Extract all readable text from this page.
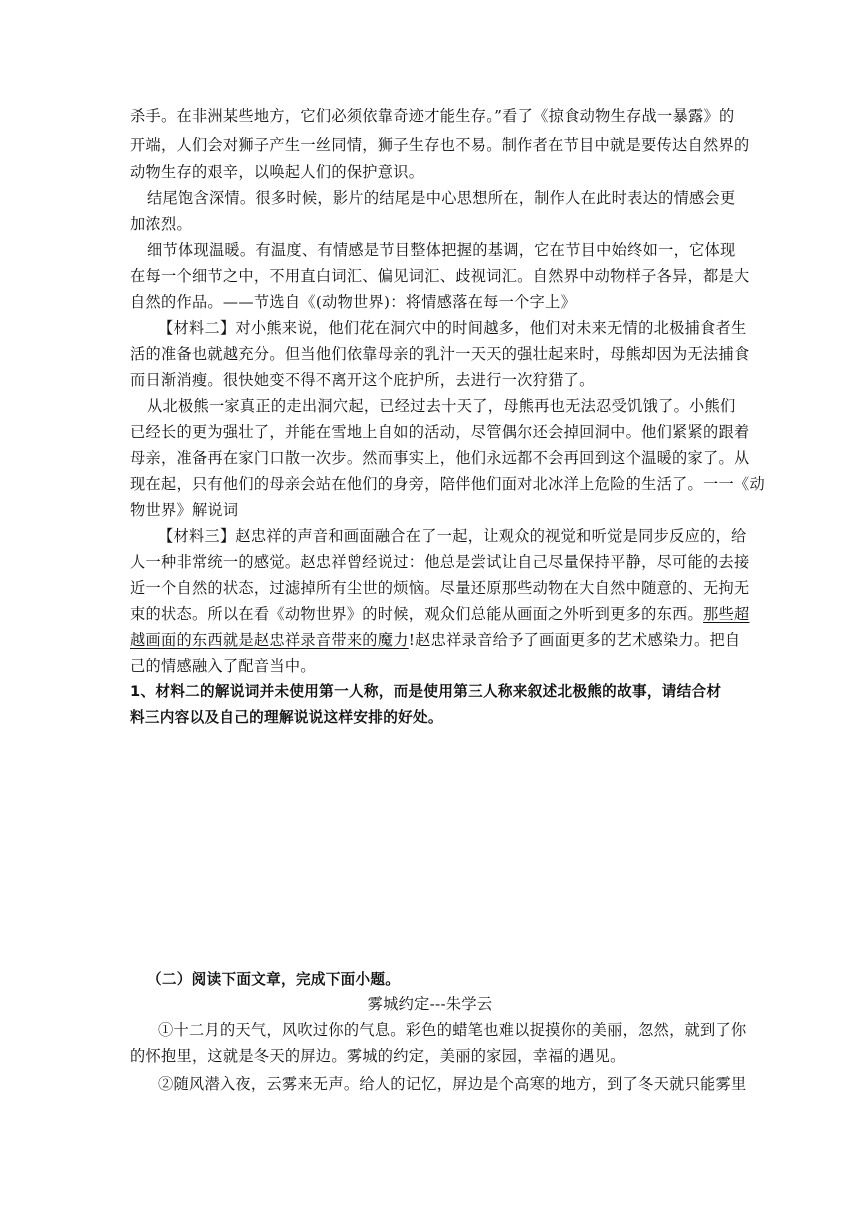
杀手。在非洲某些地方，它们必须依靠奇迹才能生存。”看了《掠食动物生存战一暴露》的
开端，人们会对狮子产生一丝同情，狮子生存也不易。制作者在节目中就是要传达自然界的
动物生存的艰辛，以唤起人们的保护意识。
结尾饱含深情。很多时候，影片的结尾是中心思想所在，制作人在此时表达的情感会更
加浓烈。
细节体现温暖。有温度、有情感是节目整体把握的基调，它在节目中始终如一，它体现
在每一个细节之中，不用直白词汇、偏见词汇、歧视词汇。自然界中动物样子各异，都是大
自然的作品。——节选自《(动物世界)：将情感落在每一个字上》
【材料二】对小熊来说，他们花在洞穴中的时间越多，他们对未来无情的北极捕食者生
活的准备也就越充分。但当他们依靠母亲的乳汁一天天的强壮起来时，母熊却因为无法捕食
而日渐消瘦。很快她变不得不离开这个庇护所，去进行一次狩猎了。
从北极熊一家真正的走出洞穴起，已经过去十天了，母熊再也无法忍受饥饿了。小熊们
已经长的更为强壮了，并能在雪地上自如的活动，尽管偶尔还会掉回洞中。他们紧紧的跟着
母亲，准备再在家门口散一次步。然而事实上，他们永远都不会再回到这个温暖的家了。从
现在起，只有他们的母亲会站在他们的身旁，陪伴他们面对北冰洋上危险的生活了。一一《动
物世界》解说词
【材料三】赵忠祥的声音和画面融合在了一起，让观众的视觉和听觉是同步反应的，给
人一种非常统一的感觉。赵忠祥曾经说过：他总是尝试让自己尽量保持平静，尽可能的去接
近一个自然的状态，过滤掉所有尘世的烦恼。尽量还原那些动物在大自然中随意的、无拘无
束的状态。所以在看《动物世界》的时候，观众们总能从画面之外听到更多的东西。那些超
越画面的东西就是赵忠祥录音带来的魔力!赵忠祥录音给予了画面更多的艺术感染力。把自
己的情感融入了配音当中。
1、材料二的解说词并未使用第一人称，而是使用第三人称来叙述北极熊的故事，请结合材
料三内容以及自己的理解说说这样安排的好处。
（二）阅读下面文章，完成下面小题。
雾城约定---朱学云
①十二月的天气，风吹过你的气息。彩色的蜡笔也难以捉摸你的美丽，忽然，就到了你
的怀抱里，这就是冬天的屏边。雾城的约定，美丽的家园，幸福的遇见。
②随风潜入夜，云雾来无声。给人的记忆，屏边是个高寒的地方，到了冬天就只能雾里
